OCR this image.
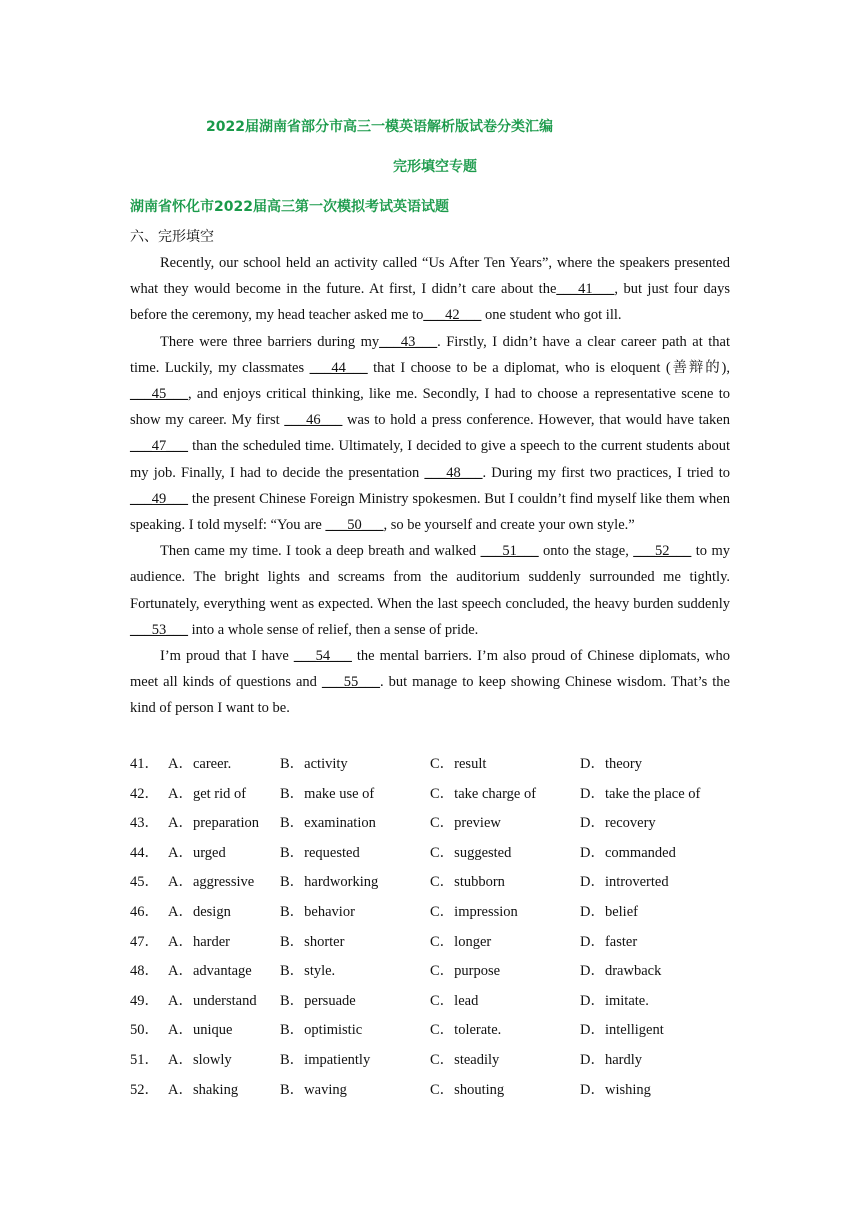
2022届湖南省部分市高三一模英语解析版试卷分类汇编
完形填空专题
湖南省怀化市2022届高三第一次模拟考试英语试题
六、完形填空

Recently, our school held an activity called “Us After Ten Years”, where the speakers presented what they would become in the future. At first, I didn’t care about the___41___, but just four days before the ceremony, my head teacher asked me to___42___ one student who got ill.

There were three barriers during my___43___. Firstly, I didn’t have a clear career path at that time. Luckily, my classmates ___44___ that I choose to be a diplomat, who is eloquent (善辩的), ___45___, and enjoys critical thinking, like me. Secondly, I had to choose a representative scene to show my career. My first ___46___ was to hold a press conference. However, that would have taken ___47___ than the scheduled time. Ultimately, I decided to give a speech to the current students about my job. Finally, I had to decide the presentation ___48___. During my first two practices, I tried to ___49___ the present Chinese Foreign Ministry spokesmen. But I couldn’t find myself like them when speaking. I told myself: “You are ___50___, so be yourself and create your own style.”

Then came my time. I took a deep breath and walked ___51___ onto the stage, ___52___ to my audience. The bright lights and screams from the auditorium suddenly surrounded me tightly. Fortunately, everything went as expected. When the last speech concluded, the heavy burden suddenly ___53___ into a whole sense of relief, then a sense of pride.

I’m proud that I have ___54___ the mental barriers. I’m also proud of Chinese diplomats, who meet all kinds of questions and ___55___. but manage to keep showing Chinese wisdom. That’s the kind of person I want to be.

41． A．career.	B．activity	C．result	D．theory
42． A．get rid of B．make use of	C．take charge of	D．take the place of
43． A．preparation B．examination	C．preview	D．recovery
44． A．urged	B．requested	C．suggested	D．commanded
45． A．aggressive B．hardworking	C．stubborn	D．introverted
46． A．design	B．behavior	C．impression	D．belief
47． A．harder	B．shorter	C．longer	D．faster
48． A．advantage B．style.	C．purpose	D．drawback
49． A．understand B．persuade	C．lead	D．imitate.
50． A．unique	B．optimistic	C．tolerate.	D．intelligent
51． A．slowly	B．impatiently	C．steadily	D．hardly
52． A．shaking	B．waving	C．shouting	D．wishing
